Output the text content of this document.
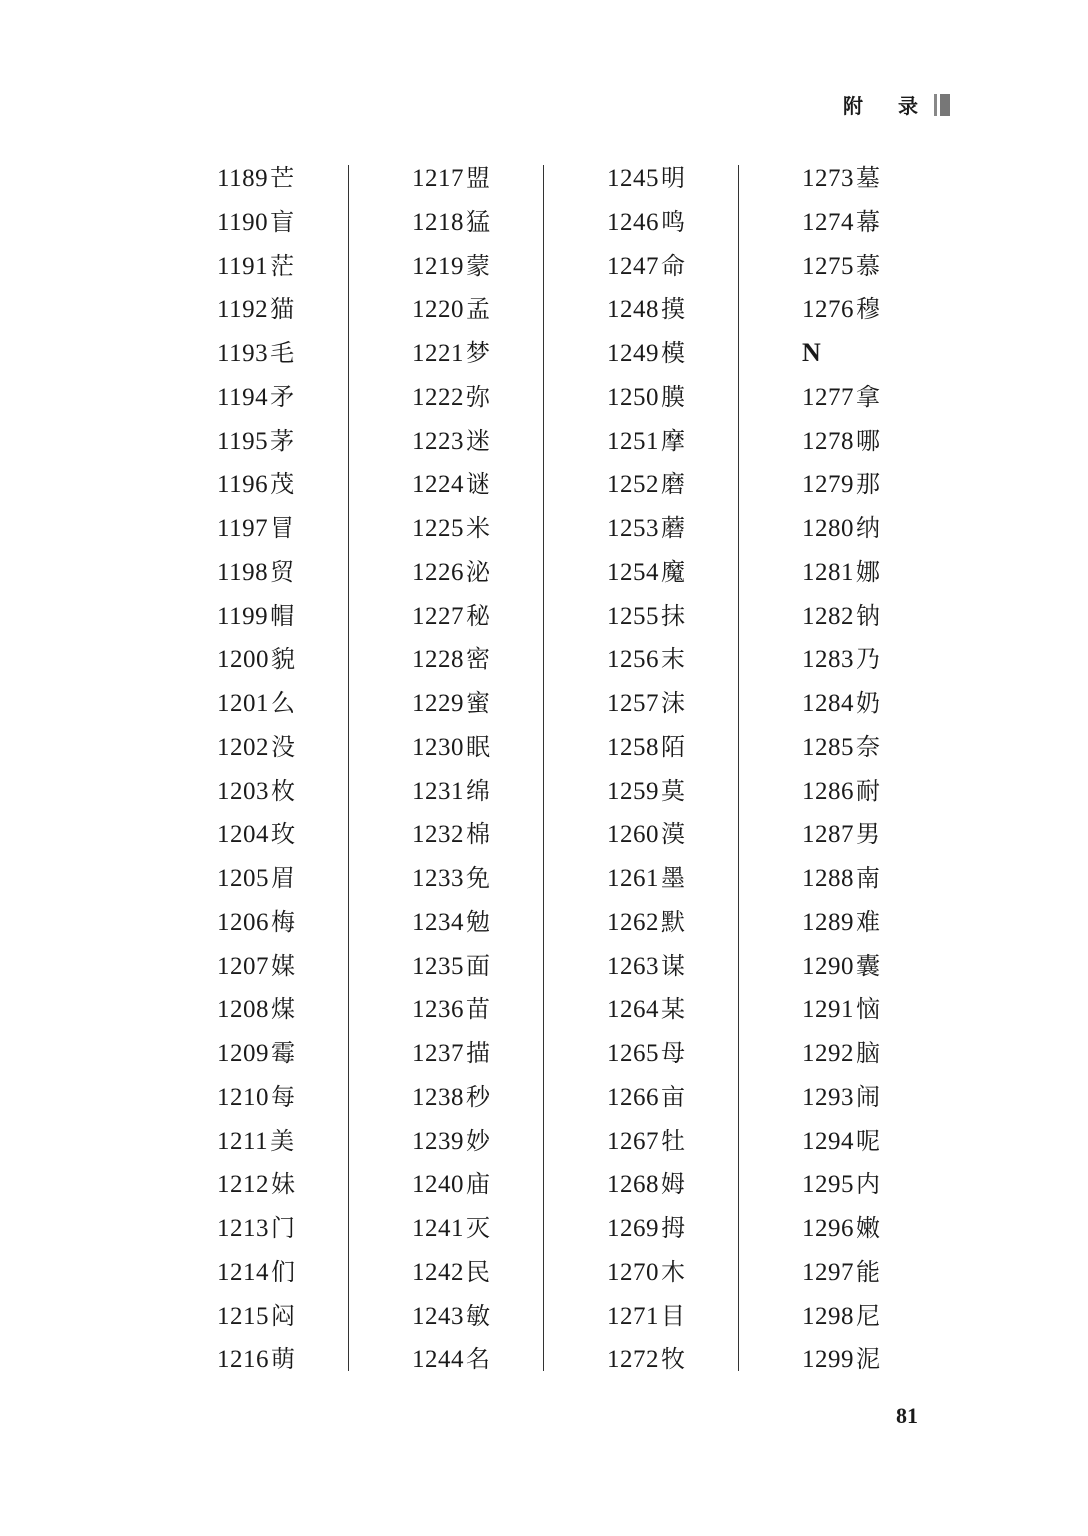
附 录
1189芒
1190盲
1191茫
1192猫
1193毛
1194矛
1195茅
1196茂
1197冒
1198贸
1199帽
1200貌
1201么
1202没
1203枚
1204玫
1205眉
1206梅
1207媒
1208煤
1209霉
1210每
1211美
1212妹
1213门
1214们
1215闷
1216萌
1217盟
1218猛
1219蒙
1220孟
1221梦
1222弥
1223迷
1224谜
1225米
1226泌
1227秘
1228密
1229蜜
1230眠
1231绵
1232棉
1233免
1234勉
1235面
1236苗
1237描
1238秒
1239妙
1240庙
1241灭
1242民
1243敏
1244名
1245明
1246鸣
1247命
1248摸
1249模
1250膜
1251摩
1252磨
1253蘑
1254魔
1255抹
1256末
1257沫
1258陌
1259莫
1260漠
1261墨
1262默
1263谋
1264某
1265母
1266亩
1267牡
1268姆
1269拇
1270木
1271目
1272牧
1273墓
1274幕
1275慕
1276穆
N
1277拿
1278哪
1279那
1280纳
1281娜
1282钠
1283乃
1284奶
1285奈
1286耐
1287男
1288南
1289难
1290囊
1291恼
1292脑
1293闹
1294呢
1295内
1296嫩
1297能
1298尼
1299泥
81
